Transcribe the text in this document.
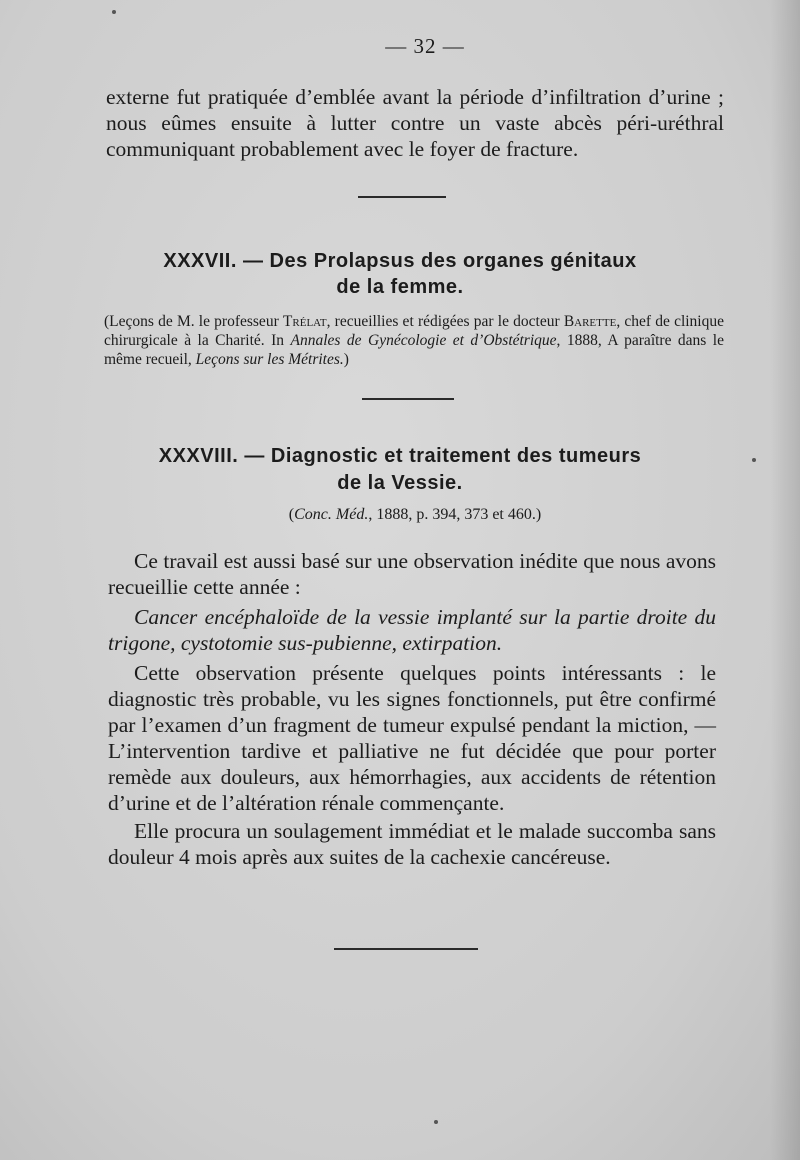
— 32 —

externe fut pratiquée d’emblée avant la période d’infiltration d’urine ; nous eûmes ensuite à lutter contre un vaste abcès péri-uréthral communiquant probablement avec le foyer de fracture.

XXXVII. — Des Prolapsus des organes génitaux
de la femme.
(Leçons de M. le professeur Trélat, recueillies et rédigées par le docteur Barette, chef de clinique chirurgicale à la Charité. In Annales de Gynécologie et d’Obstétrique, 1888, A paraître dans le même recueil, Leçons sur les Métrites.)
XXXVIII. — Diagnostic et traitement des tumeurs
de la Vessie.
(Conc. Méd., 1888, p. 394, 373 et 460.)

Ce travail est aussi basé sur une observation inédite que nous avons recueillie cette année :

Cancer encéphaloïde de la vessie implanté sur la partie droite du trigone, cystotomie sus-pubienne, extirpation.

Cette observation présente quelques points intéressants : le diagnostic très probable, vu les signes fonctionnels, put être confirmé par l’examen d’un fragment de tumeur expulsé pendant la miction, — L’intervention tardive et palliative ne fut décidée que pour porter remède aux douleurs, aux hémorrhagies, aux accidents de rétention d’urine et de l’altération rénale commençante.

Elle procura un soulagement immédiat et le malade succomba sans douleur 4 mois après aux suites de la cachexie cancéreuse.
